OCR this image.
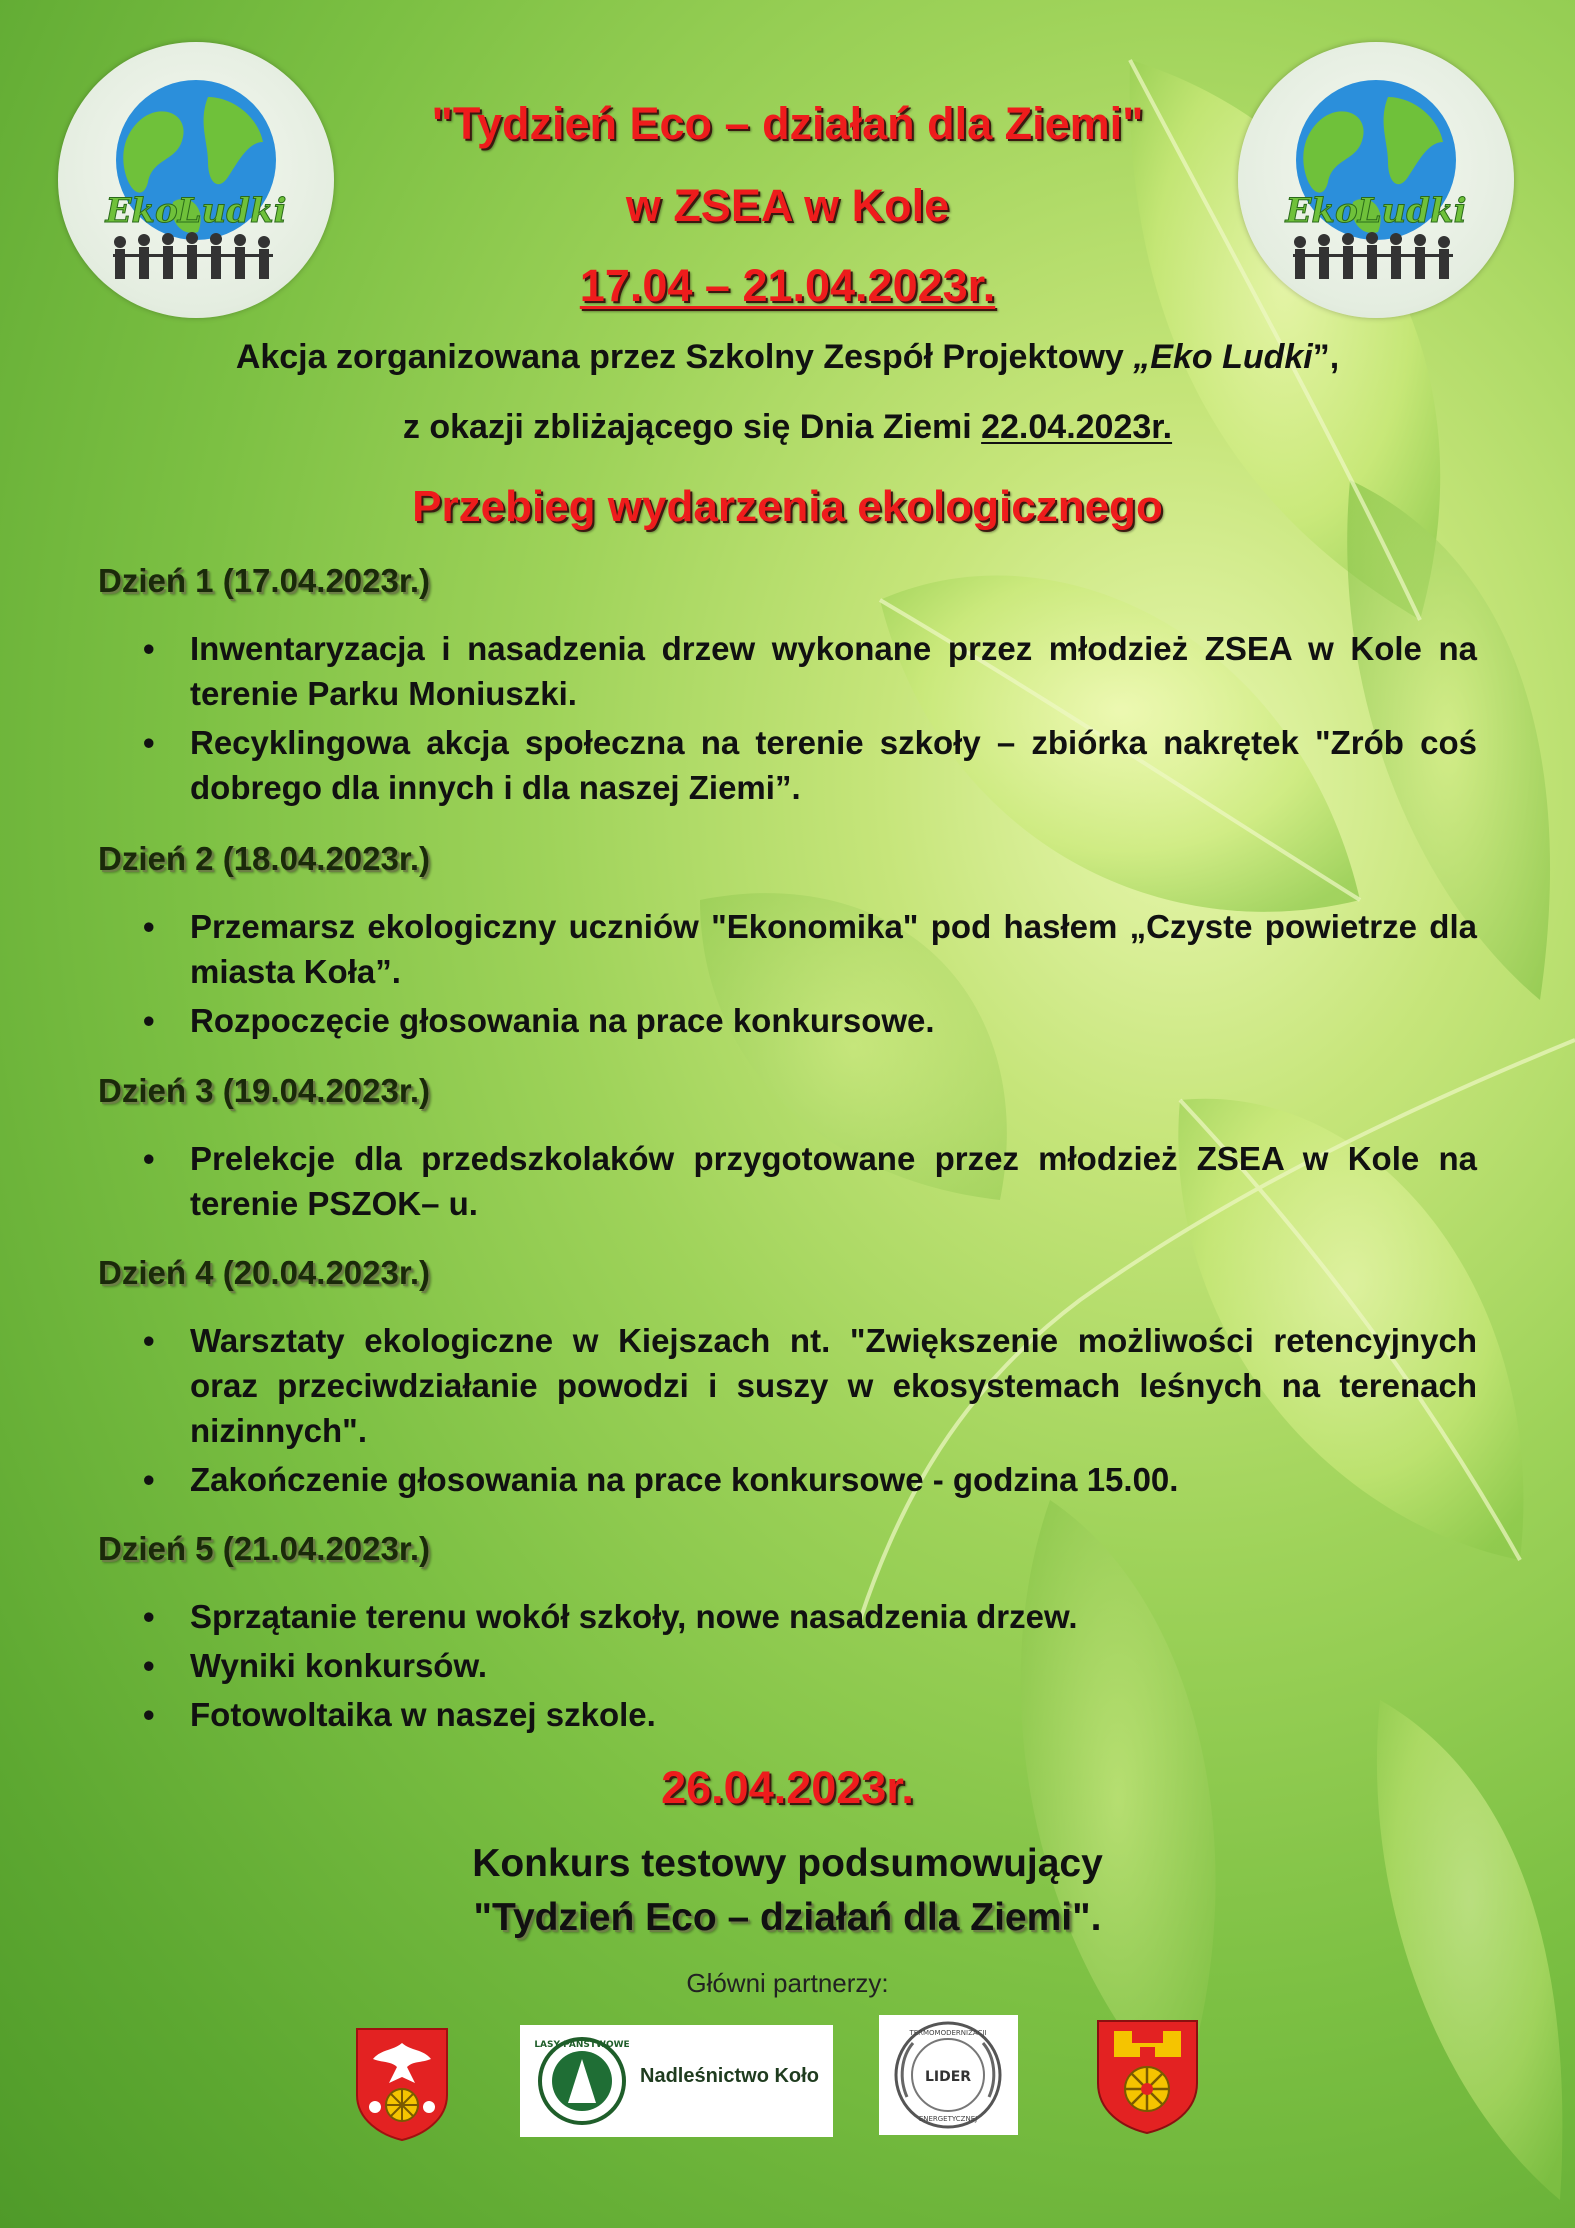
EkoLudki	EkoLudki
"Tydzień Eco – działań dla Ziemi"
w ZSEA w Kole
17.04 – 21.04.2023r.
Akcja zorganizowana przez Szkolny Zespół Projektowy „Eko Ludki”,
z okazji zbliżającego się Dnia Ziemi 22.04.2023r.
Przebieg wydarzenia ekologicznego
Dzień 1 (17.04.2023r.)
• Inwentaryzacja i nasadzenia drzew wykonane przez młodzież ZSEA w Kole na terenie Parku Moniuszki.
• Recyklingowa akcja społeczna na terenie szkoły – zbiórka nakrętek "Zrób coś dobrego dla innych i dla naszej Ziemi”.
Dzień 2 (18.04.2023r.)
• Przemarsz ekologiczny uczniów "Ekonomika" pod hasłem „Czyste powietrze dla miasta Koła”.
• Rozpoczęcie głosowania na prace konkursowe.
Dzień 3 (19.04.2023r.)
• Prelekcje dla przedszkolaków przygotowane przez młodzież ZSEA w Kole na terenie PSZOK– u.
Dzień 4 (20.04.2023r.)
• Warsztaty ekologiczne w Kiejszach nt. "Zwiększenie możliwości retencyjnych oraz przeciwdziałanie powodzi i suszy w ekosystemach leśnych na terenach nizinnych".
• Zakończenie głosowania na prace konkursowe - godzina 15.00.
Dzień 5 (21.04.2023r.)
• Sprzątanie terenu wokół szkoły, nowe nasadzenia drzew.
• Wyniki konkursów.
• Fotowoltaika w naszej szkole.
26.04.2023r.
Konkurs testowy podsumowujący
"Tydzień Eco – działań dla Ziemi".
Główni partnerzy:
LASY PAŃSTWOWE
Nadleśnictwo Koło	LIDER
TERMOMODERNIZACJI
ENERGETYCZNEJ
